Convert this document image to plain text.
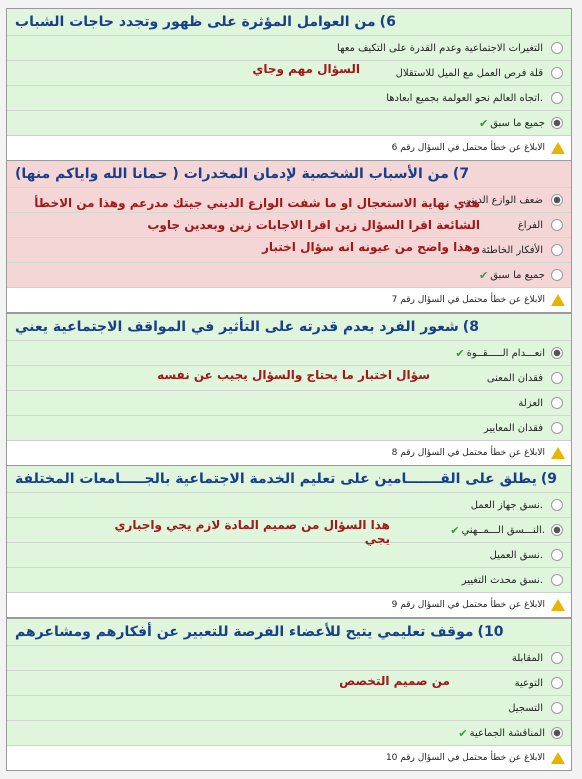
6)
من العوامل المؤثرة على ظهور وتجدد حاجات الشباب
التغيرات الاجتماعية وعدم القدرة على التكيف معها
قلة فرص العمل مع الميل للاستقلال
اتجاه العالم نحو العولمة بجميع ابعادها.
✔ جميع ما سبق
الابلاغ عن خطأ محتمل في السؤال رقم 6
السؤال مهم وجاي
7)
من الأسباب الشخصية لإدمان المخدرات ( حمانا الله واياكم منها)
ضعف الوازع الديني
الفراغ
الأفكار الخاطئة
✔ جميع ما سبق
الابلاغ عن خطأ محتمل في السؤال رقم 7
هذي نهاية الاستعجال او ما شفت الوازع الديني جيتك مدرعم وهذا من الاخطأ
الشائعة اقرا السؤال زين اقرا الاجابات زين وبعدين جاوب
وهذا واضح من عيونه انه سؤال اختبار
8)
شعور الفرد بعدم قدرته على التأثير في المواقف الاجتماعية يعني
✔ انعـــدام الـــــقــوة
فقدان المعنى
العزلة
فقدان المعايير
الابلاغ عن خطأ محتمل في السؤال رقم 8
سؤال اختبار ما يحتاج والسؤال يجيب عن نفسه
9)
يطلق على القـــــــامين على تعليم الخدمة الاجتماعية بالجـــــامعات المختلفة
نسق جهاز العمل.
✔ النـــسق الـــمــهني.
نسق العميل.
نسق محدث التغيير.
الابلاغ عن خطأ محتمل في السؤال رقم 9
هذا السؤال من صميم المادة لازم يجي واجباري يجي
10)
موقف تعليمي يتيح للأعضاء الفرصة للتعبير عن أفكارهم ومشاعرهم
المقابلة
التوعية
التسجيل
✔ المناقشة الجماعية
الابلاغ عن خطأ محتمل في السؤال رقم 10
من صميم التخصص
